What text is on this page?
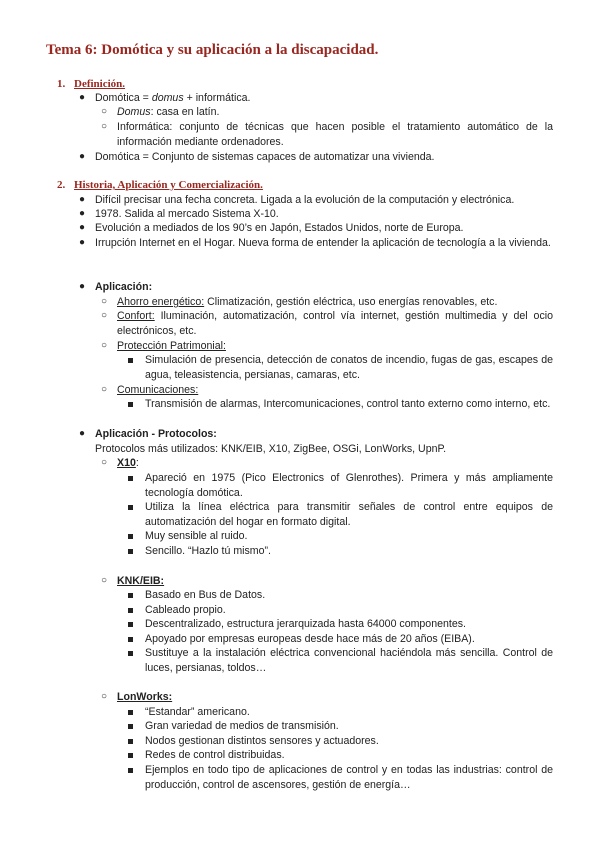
Tema 6: Domótica y su aplicación a la discapacidad.
1. Definición.
● Domótica = domus + informática.
○ Domus: casa en latín.
○ Informática: conjunto de técnicas que hacen posible el tratamiento automático de la información mediante ordenadores.
● Domótica = Conjunto de sistemas capaces de automatizar una vivienda.
2. Historia, Aplicación y Comercialización.
● Difícil precisar una fecha concreta. Ligada a la evolución de la computación y electrónica.
● 1978. Salida al mercado Sistema X-10.
● Evolución a mediados de los 90’s en Japón, Estados Unidos, norte de Europa.
● Irrupción Internet en el Hogar. Nueva forma de entender la aplicación de tecnología a la vivienda.
● Aplicación:
○ Ahorro energético: Climatización, gestión eléctrica, uso energías renovables, etc.
○ Confort: Iluminación, automatización, control vía internet, gestión multimedia y del ocio electrónicos, etc.
○ Protección Patrimonial:
Simulación de presencia, detección de conatos de incendio, fugas de gas, escapes de agua, teleasistencia, persianas, camaras, etc.
○ Comunicaciones:
Transmisión de alarmas, Intercomunicaciones, control tanto externo como interno, etc.
● Aplicación - Protocolos:
Protocolos más utilizados: KNK/EIB, X10, ZigBee, OSGi, LonWorks, UpnP.
○ X10:
Apareció en 1975 (Pico Electronics of Glenrothes). Primera y más ampliamente tecnología domótica.
Utiliza la línea eléctrica para transmitir señales de control entre equipos de automatización del hogar en formato digital.
Muy sensible al ruido.
Sencillo. “Hazlo tú mismo”.
○ KNK/EIB:
Basado en Bus de Datos.
Cableado propio.
Descentralizado, estructura jerarquizada hasta 64000 componentes.
Apoyado por empresas europeas desde hace más de 20 años (EIBA).
Sustituye a la instalación eléctrica convencional haciéndola más sencilla. Control de luces, persianas, toldos…
○ LonWorks:
“Estandar” americano.
Gran variedad de medios de transmisión.
Nodos gestionan distintos sensores y actuadores.
Redes de control distribuidas.
Ejemplos en todo tipo de aplicaciones de control y en todas las industrias: control de producción, control de ascensores, gestión de energía…
